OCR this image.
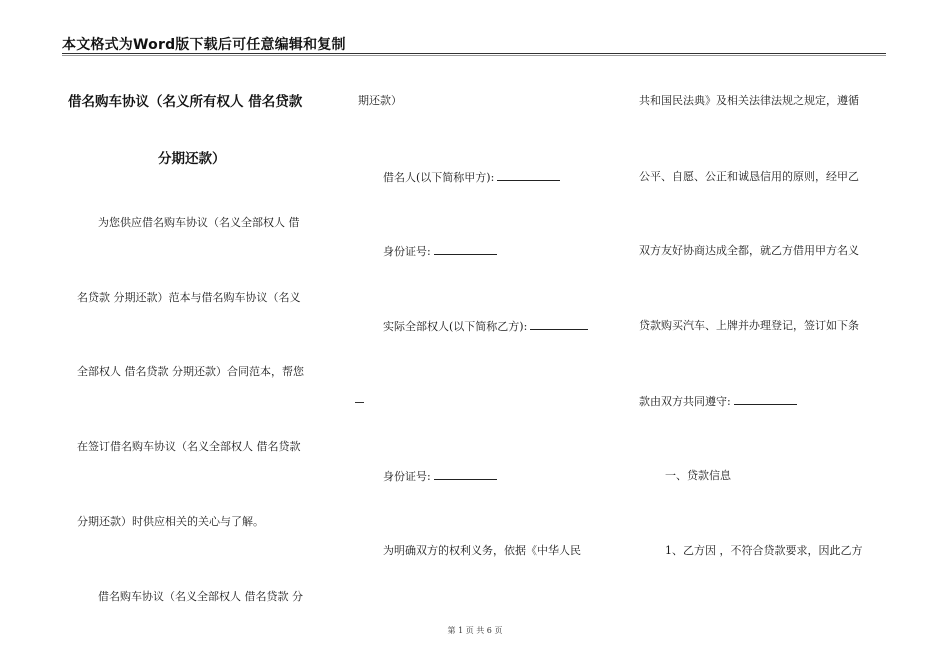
本文格式为Word版下载后可任意编辑和复制
借名购车协议（名义所有权人 借名贷款
分期还款）
为您供应借名购车协议（名义全部权人 借
名贷款 分期还款）范本与借名购车协议（名义
全部权人 借名贷款 分期还款）合同范本，帮您
在签订借名购车协议（名义全部权人 借名贷款
分期还款）时供应相关的关心与了解。
借名购车协议（名义全部权人 借名贷款 分
期还款）
借名人(以下简称甲方):
身份证号:
实际全部权人(以下简称乙方):
身份证号:
为明确双方的权利义务，依据《中华人民
共和国民法典》及相关法律法规之规定，遵循
公平、自愿、公正和诚恳信用的原则，经甲乙
双方友好协商达成全都，就乙方借用甲方名义
贷款购买汽车、上牌并办理登记，签订如下条
款由双方共同遵守:
一、贷款信息
1、乙方因 ，不符合贷款要求，因此乙方
第 1 页 共 6 页
